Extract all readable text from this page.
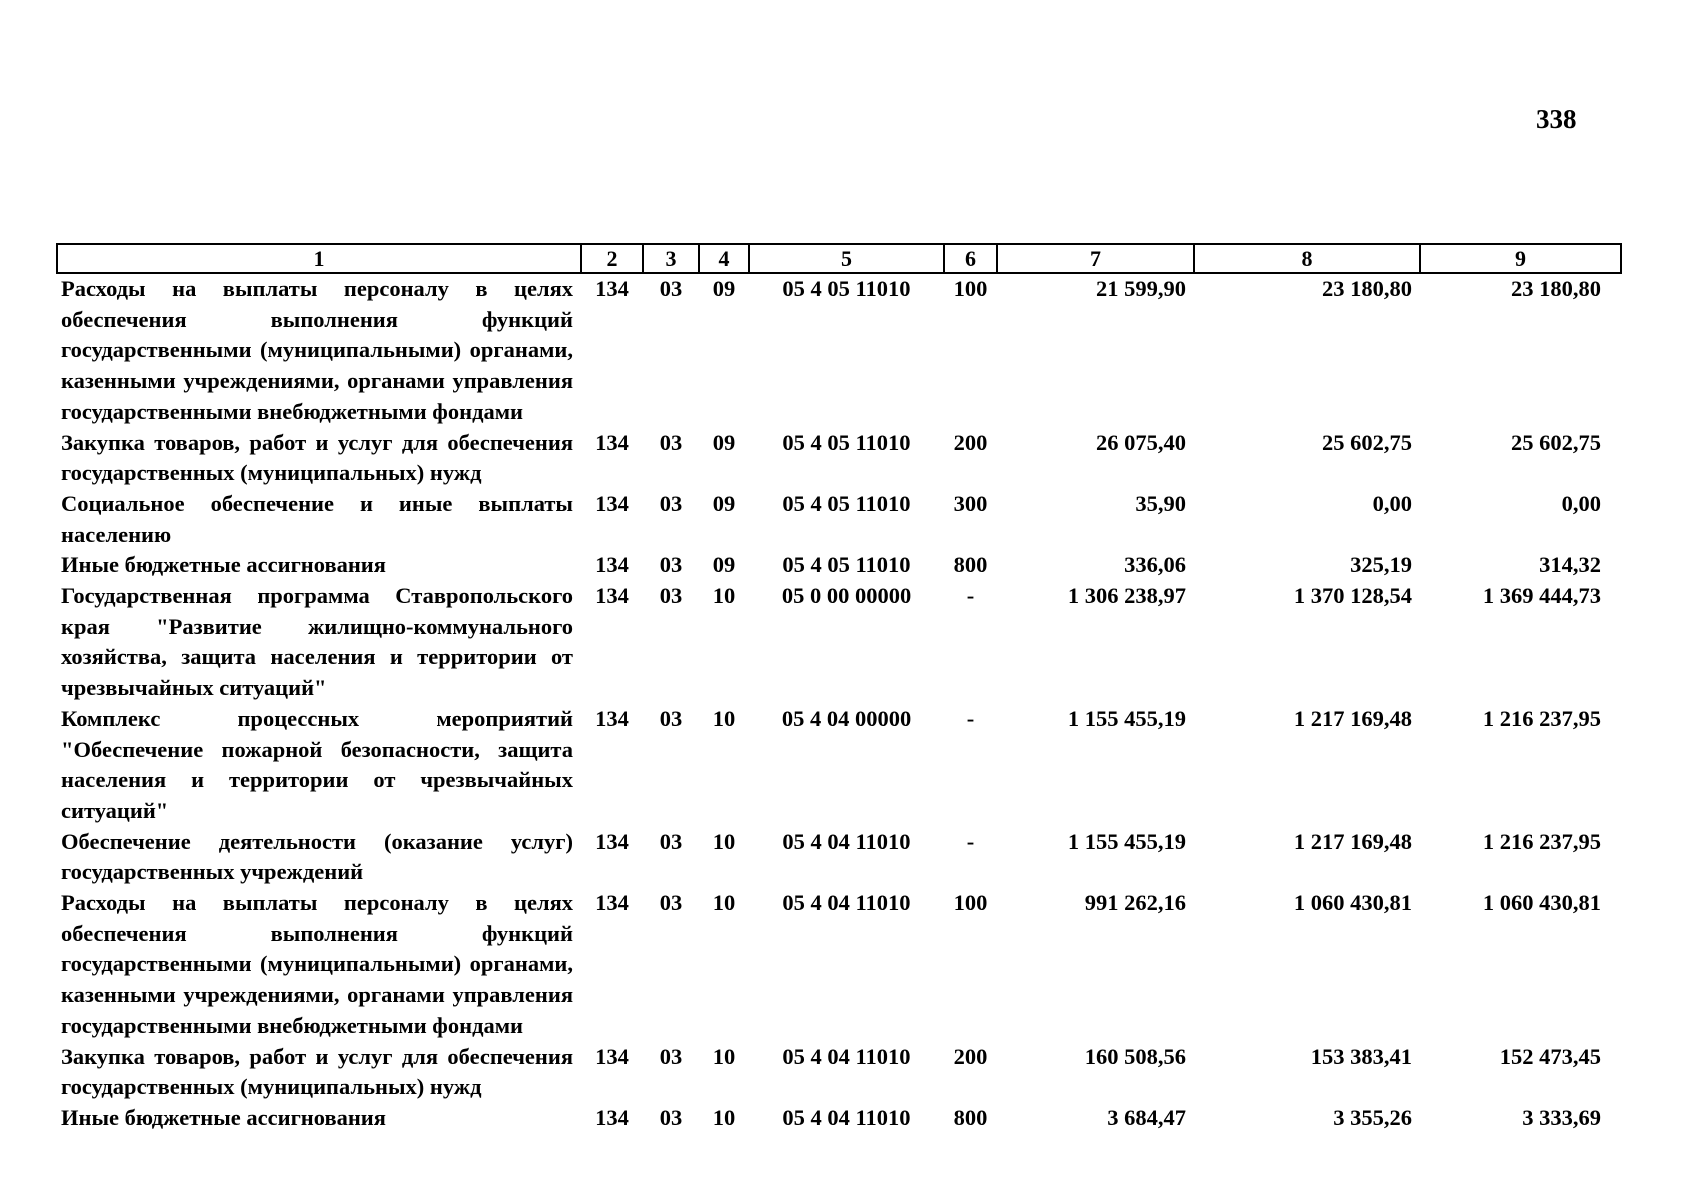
338
1	2	3	4	5	6	7	8	9
Расходы на выплаты персоналу в целях обеспечения выполнения функций государственными (муниципальными) органами, казенными учреждениями, органами управления государственными внебюджетными фондами	134	03	09	05 4 05 11010	100	21 599,90	23 180,80	23 180,80
Закупка товаров, работ и услуг для обеспечения государственных (муниципальных) нужд	134	03	09	05 4 05 11010	200	26 075,40	25 602,75	25 602,75
Социальное обеспечение и иные выплаты населению	134	03	09	05 4 05 11010	300	35,90	0,00	0,00
Иные бюджетные ассигнования	134	03	09	05 4 05 11010	800	336,06	325,19	314,32
Государственная программа Ставропольского края "Развитие жилищно-коммунального хозяйства, защита населения и территории от чрезвычайных ситуаций"	134	03	10	05 0 00 00000	-	1 306 238,97	1 370 128,54	1 369 444,73
Комплекс процессных мероприятий "Обеспечение пожарной безопасности, защита населения и территории от чрезвычайных ситуаций"	134	03	10	05 4 04 00000	-	1 155 455,19	1 217 169,48	1 216 237,95
Обеспечение деятельности (оказание услуг) государственных учреждений	134	03	10	05 4 04 11010	-	1 155 455,19	1 217 169,48	1 216 237,95
Расходы на выплаты персоналу в целях обеспечения выполнения функций государственными (муниципальными) органами, казенными учреждениями, органами управления государственными внебюджетными фондами	134	03	10	05 4 04 11010	100	991 262,16	1 060 430,81	1 060 430,81
Закупка товаров, работ и услуг для обеспечения государственных (муниципальных) нужд	134	03	10	05 4 04 11010	200	160 508,56	153 383,41	152 473,45
Иные бюджетные ассигнования	134	03	10	05 4 04 11010	800	3 684,47	3 355,26	3 333,69
